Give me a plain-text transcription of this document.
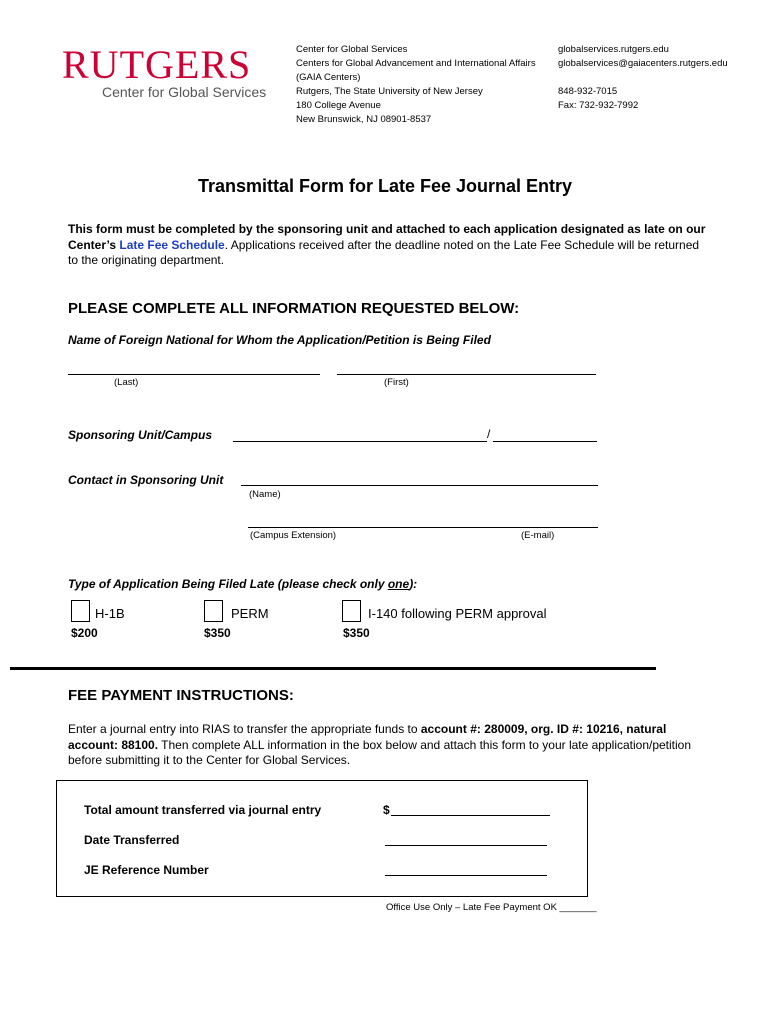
RUTGERS
Center for Global Services
Center for Global Services
Centers for Global Advancement and International Affairs
(GAIA Centers)
Rutgers, The State University of New Jersey
180 College Avenue
New Brunswick, NJ 08901-8537
globalservices.rutgers.edu
globalservices@gaiacenters.rutgers.edu
848-932-7015
Fax: 732-932-7992
Transmittal Form for Late Fee Journal Entry
This form must be completed by the sponsoring unit and attached to each application designated as late on our Center’s Late Fee Schedule. Applications received after the deadline noted on the Late Fee Schedule will be returned to the originating department.
PLEASE COMPLETE ALL INFORMATION REQUESTED BELOW:
Name of Foreign National for Whom the Application/Petition is Being Filed
(Last)	(First)
Sponsoring Unit/Campus	/
Contact in Sponsoring Unit
(Name)
(Campus Extension)	(E-mail)
Type of Application Being Filed Late (please check only one):
H-1B
$200
PERM
$350
I-140 following PERM approval
$350
FEE PAYMENT INSTRUCTIONS:
Enter a journal entry into RIAS to transfer the appropriate funds to account #: 280009, org. ID #: 10216, natural account: 88100. Then complete ALL information in the box below and attach this form to your late application/petition before submitting it to the Center for Global Services.
Total amount transferred via journal entry	$
Date Transferred
JE Reference Number
Office Use Only – Late Fee Payment OK _______
